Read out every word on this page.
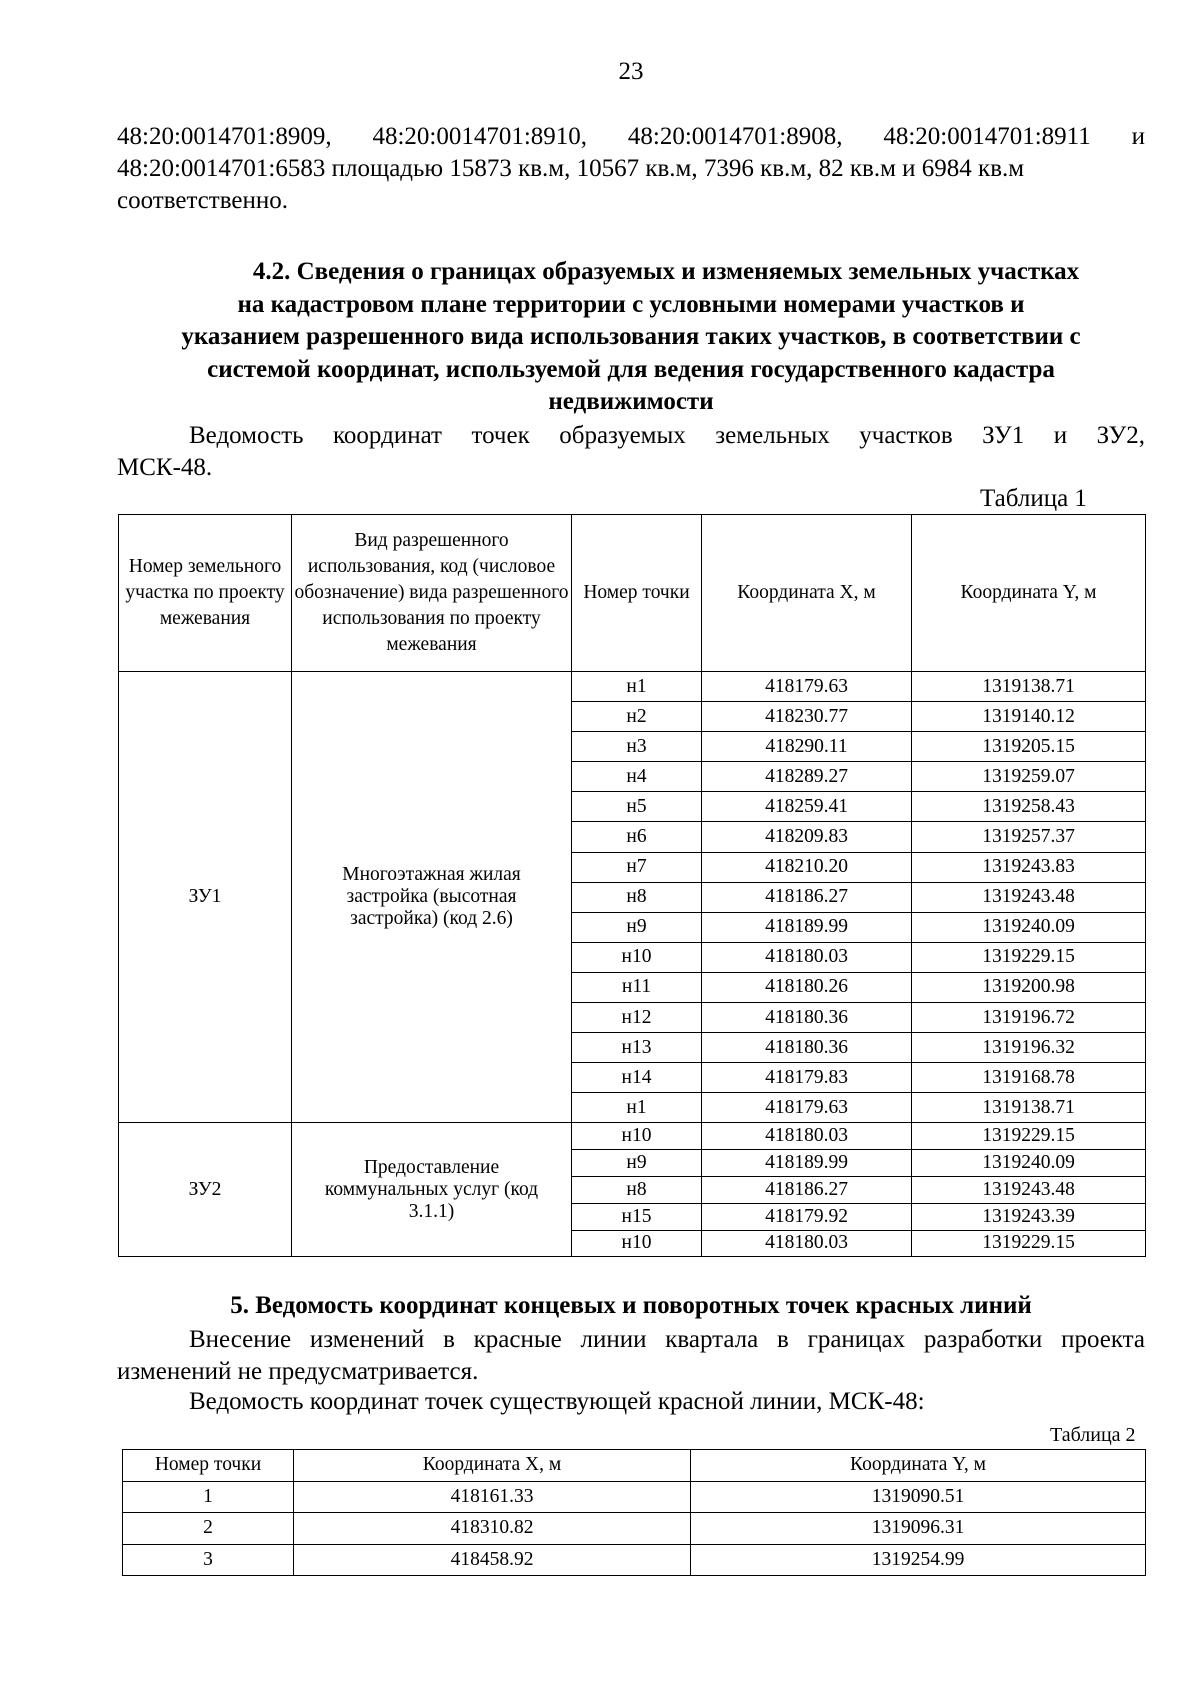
23
48:20:0014701:8909, 48:20:0014701:8910, 48:20:0014701:8908, 48:20:0014701:8911 и
48:20:0014701:6583 площадью 15873 кв.м, 10567 кв.м, 7396 кв.м, 82 кв.м и 6984 кв.м
соответственно.
4.2. Сведения о границах образуемых и изменяемых земельных участках
на кадастровом плане территории с условными номерами участков и
указанием разрешенного вида использования таких участков, в соответствии с
системой координат, используемой для ведения государственного кадастра
недвижимости
Ведомость координат точек образуемых земельных участков ЗУ1 и ЗУ2,
МСК-48.
Таблица 1
Номер земельного участка по проекту межевания	Вид разрешенного использования, код (числовое обозначение) вида разрешенного использования по проекту межевания	Номер точки	Координата X, м	Координата Y, м
ЗУ1	Многоэтажная жилая застройка (высотная застройка) (код 2.6)	н1	418179.63	1319138.71
		н2	418230.77	1319140.12
		н3	418290.11	1319205.15
		н4	418289.27	1319259.07
		н5	418259.41	1319258.43
		н6	418209.83	1319257.37
		н7	418210.20	1319243.83
		н8	418186.27	1319243.48
		н9	418189.99	1319240.09
		н10	418180.03	1319229.15
		н11	418180.26	1319200.98
		н12	418180.36	1319196.72
		н13	418180.36	1319196.32
		н14	418179.83	1319168.78
		н1	418179.63	1319138.71
ЗУ2	Предоставление коммунальных услуг (код 3.1.1)	н10	418180.03	1319229.15
		н9	418189.99	1319240.09
		н8	418186.27	1319243.48
		н15	418179.92	1319243.39
		н10	418180.03	1319229.15
5. Ведомость координат концевых и поворотных точек красных линий
Внесение изменений в красные линии квартала в границах разработки проекта
изменений не предусматривается.
Ведомость координат точек существующей красной линии, МСК-48:
Таблица 2
Номер точки	Координата X, м	Координата Y, м
1	418161.33	1319090.51
2	418310.82	1319096.31
3	418458.92	1319254.99
